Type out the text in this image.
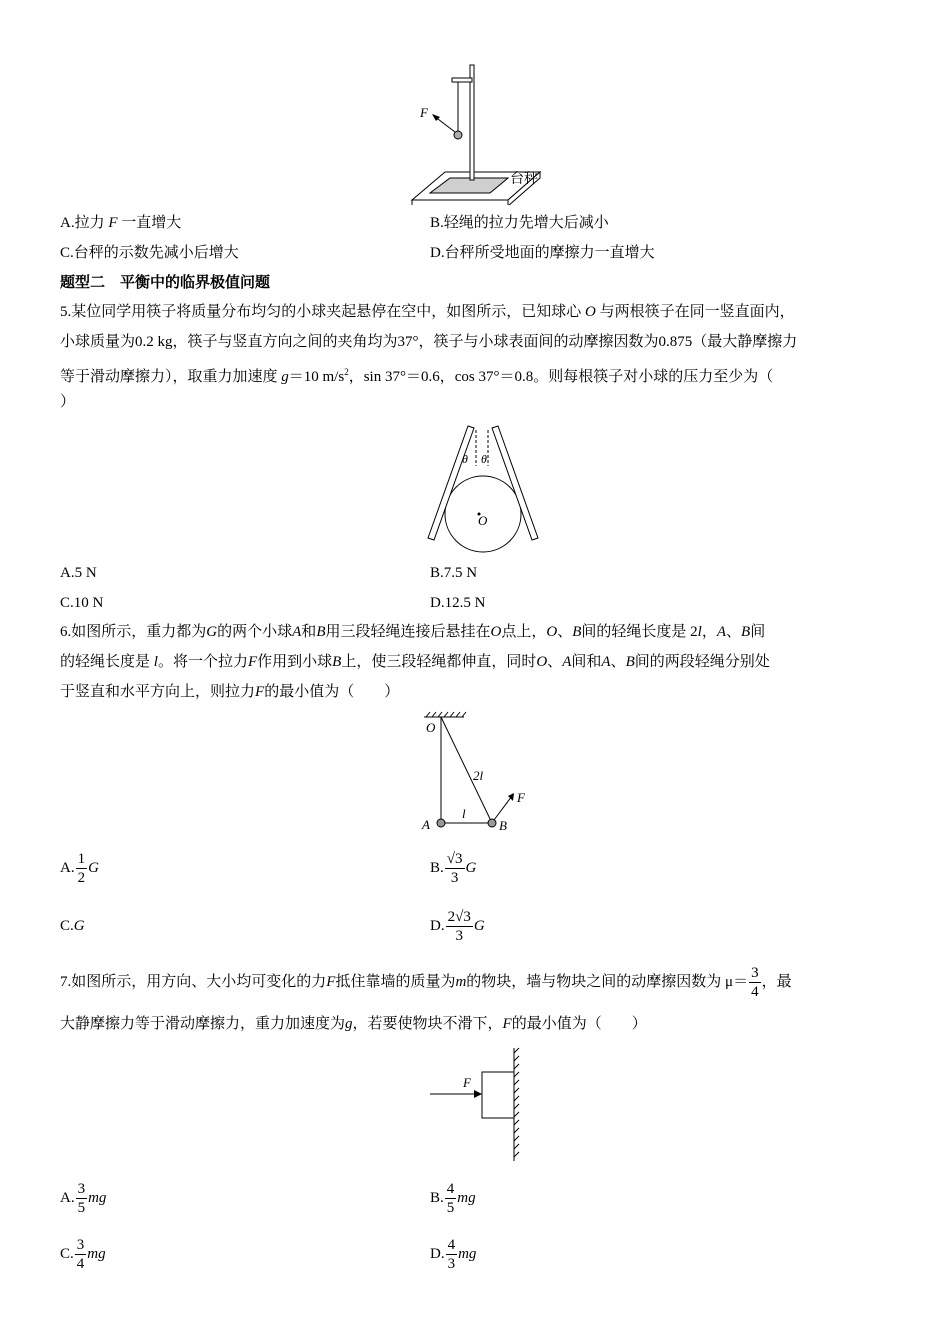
F
台秤
A.拉力 F 一直增大	B.轻绳的拉力先增大后减小
C.台秤的示数先减小后增大	D.台秤所受地面的摩擦力一直增大
题型二　平衡中的临界极值问题
5.某位同学用筷子将质量分布均匀的小球夹起悬停在空中，如图所示，已知球心 O 与两根筷子在同一竖直面内，
小球质量为0.2 kg，筷子与竖直方向之间的夹角均为37°，筷子与小球表面间的动摩擦因数为0.875（最大静摩擦力
等于滑动摩擦力），取重力加速度 g＝10 $m/s^2$，sin 37°＝0.6，cos 37°＝0.8。则每根筷子对小球的压力至少为（
）
O
θ θ
A.5 N	B.7.5 N
C.10 N	D.12.5 N
6.如图所示，重力都为G的两个小球A和B用三段轻绳连接后悬挂在O点上，O、B间的轻绳长度是 2l，A、B间
的轻绳长度是 l。将一个拉力F作用到小球B上，使三段轻绳都伸直，同时O、A间和A、B间的两段轻绳分别处
于竖直和水平方向上，则拉力F的最小值为（　　）
O
2l
l
A	B
F
A. $\frac{1}{2}$ G	B. $\frac{√3}{3}$ G
C.G	D. $\frac{2√3}{3}$ G
7.如图所示，用方向、大小均可变化的力F抵住靠墙的质量为m的物块，墙与物块之间的动摩擦因数为 $\mu= \frac{3}{4}$ ，最
大静摩擦力等于滑动摩擦力，重力加速度为g，若要使物块不滑下，F的最小值为（　　）
F
A. $\frac{3}{5}$ mg	B. $\frac{4}{5}$ mg
C. $\frac{3}{4}$ mg	D. $\frac{4}{3}$ mg
